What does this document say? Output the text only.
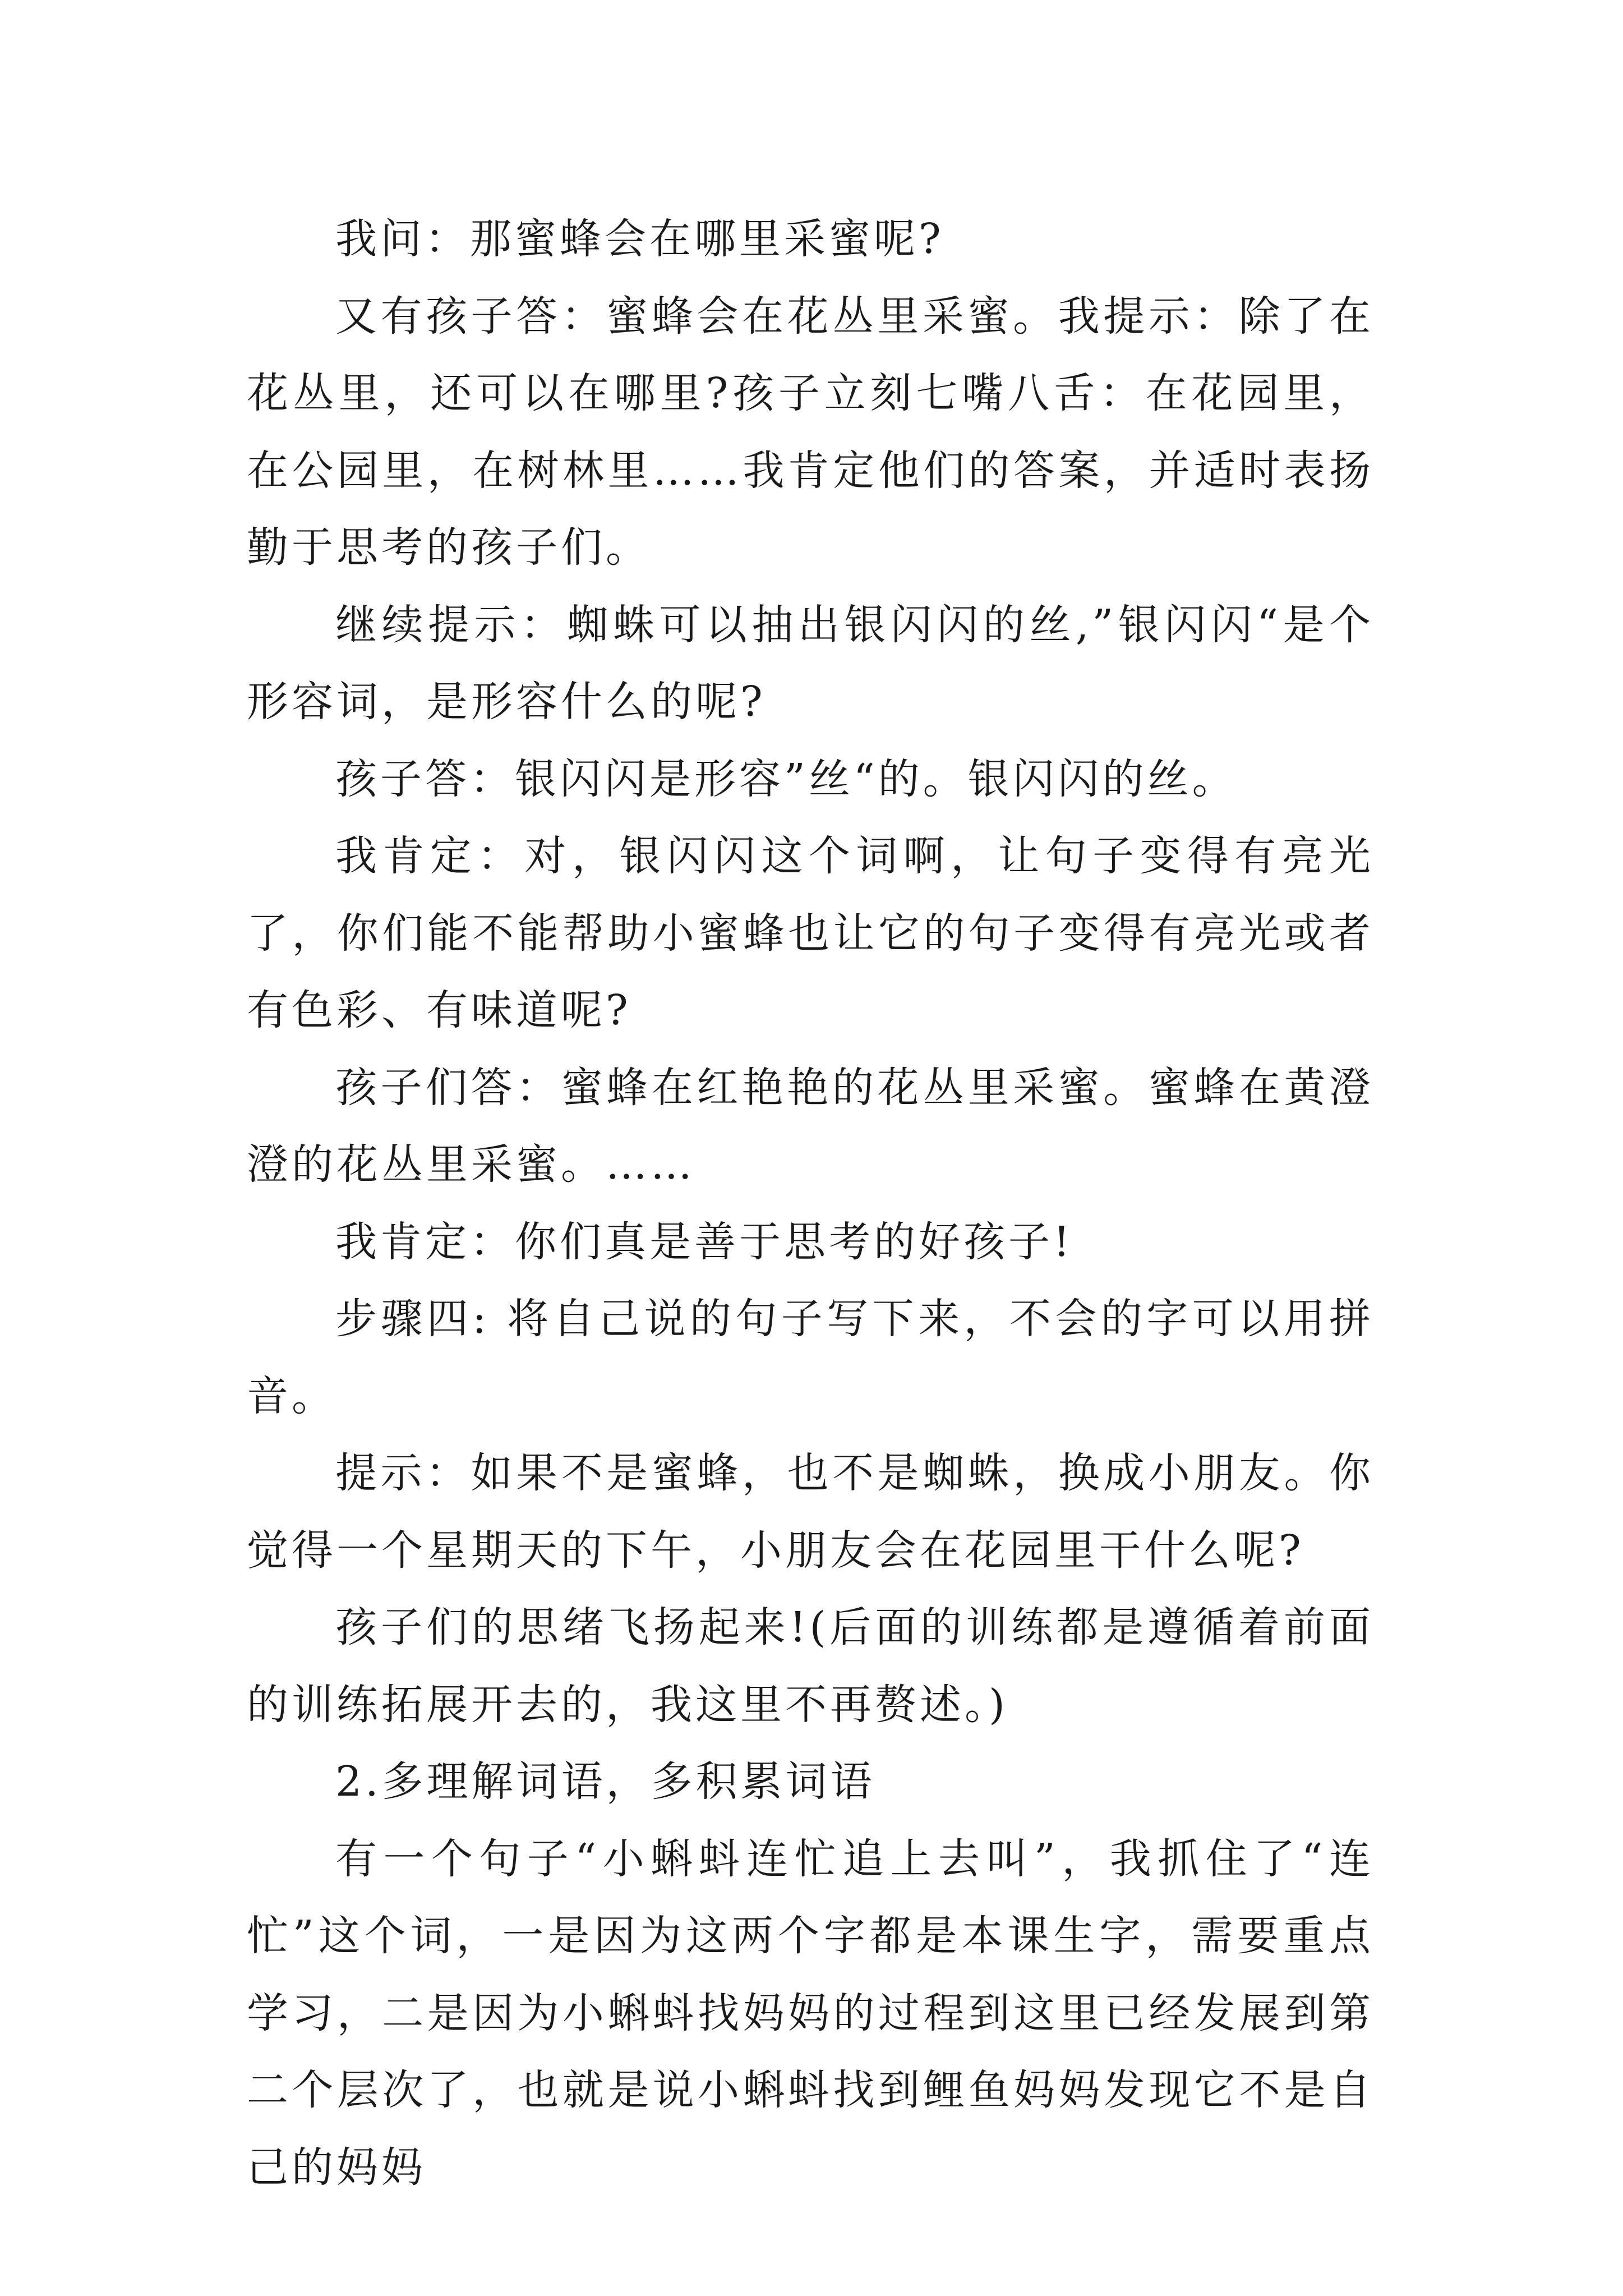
我问：那蜜蜂会在哪里采蜜呢?

又有孩子答：蜜蜂会在花丛里采蜜。我提示：除了在花丛里，还可以在哪里?孩子立刻七嘴八舌：在花园里，在公园里，在树林里……我肯定他们的答案，并适时表扬勤于思考的孩子们。

继续提示：蜘蛛可以抽出银闪闪的丝,”银闪闪“是个形容词，是形容什么的呢?

孩子答：银闪闪是形容”丝“的。银闪闪的丝。

我肯定：对，银闪闪这个词啊，让句子变得有亮光了，你们能不能帮助小蜜蜂也让它的句子变得有亮光或者有色彩、有味道呢?

孩子们答：蜜蜂在红艳艳的花丛里采蜜。蜜蜂在黄澄澄的花丛里采蜜。……

我肯定：你们真是善于思考的好孩子!

步骤四: 将自己说的句子写下来，不会的字可以用拼音。

提示：如果不是蜜蜂，也不是蜘蛛，换成小朋友。你觉得一个星期天的下午，小朋友会在花园里干什么呢?

孩子们的思绪飞扬起来!(后面的训练都是遵循着前面的训练拓展开去的，我这里不再赘述。)

2.多理解词语，多积累词语

有一个句子“小蝌蚪连忙追上去叫”，我抓住了“连忙”这个词，一是因为这两个字都是本课生字，需要重点学习，二是因为小蝌蚪找妈妈的过程到这里已经发展到第二个层次了，也就是说小蝌蚪找到鲤鱼妈妈发现它不是自己的妈妈
